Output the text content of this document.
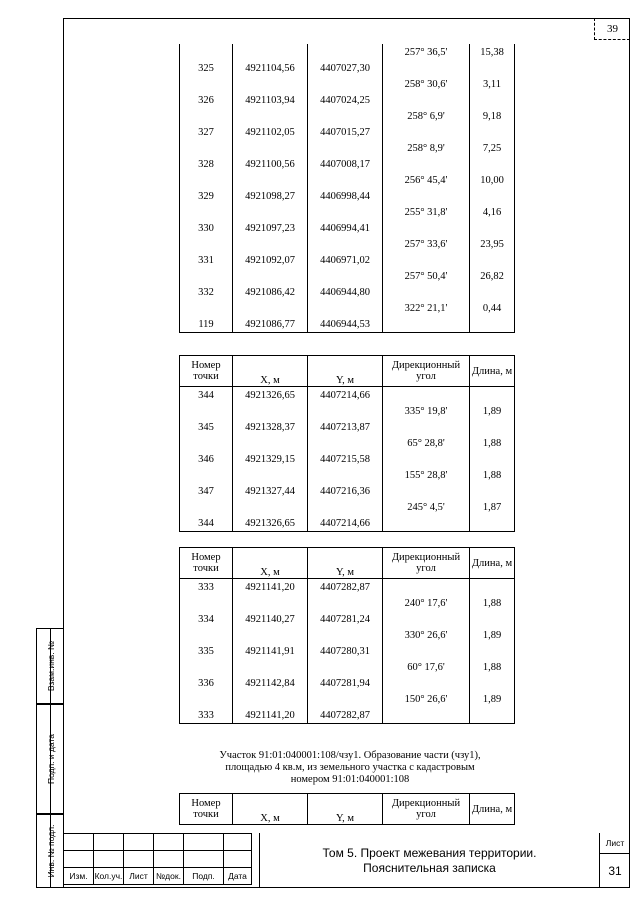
39
Взам.инв. №
Подп. и дата
Инв. № подл.
			257° 36,5'	15,38
325	4921104,56	4407027,30		
			258° 30,6'	3,11
326	4921103,94	4407024,25		
			258° 6,9'	9,18
327	4921102,05	4407015,27		
			258° 8,9'	7,25
328	4921100,56	4407008,17		
			256° 45,4'	10,00
329	4921098,27	4406998,44		
			255° 31,8'	4,16
330	4921097,23	4406994,41		
			257° 33,6'	23,95
331	4921092,07	4406971,02		
			257° 50,4'	26,82
332	4921086,42	4406944,80		
			322° 21,1'	0,44
119	4921086,77	4406944,53		
Номер точки	X, м	Y, м	Дирекционный угол	Длина, м
344	4921326,65	4407214,66		
			335° 19,8'	1,89
345	4921328,37	4407213,87		
			65° 28,8'	1,88
346	4921329,15	4407215,58		
			155° 28,8'	1,88
347	4921327,44	4407216,36		
			245° 4,5'	1,87
344	4921326,65	4407214,66		
Номер точки	X, м	Y, м	Дирекционный угол	Длина, м
333	4921141,20	4407282,87		
			240° 17,6'	1,88
334	4921140,27	4407281,24		
			330° 26,6'	1,89
335	4921141,91	4407280,31		
			60° 17,6'	1,88
336	4921142,84	4407281,94		
			150° 26,6'	1,89
333	4921141,20	4407282,87		
Участок 91:01:040001:108/чзу1. Образование части (чзу1),
площадью 4 кв.м, из земельного участка с кадастровым
номером 91:01:040001:108
Номер точки	X, м	Y, м	Дирекционный угол	Длина, м

Изм.	Кол.уч.	Лист	№док.	Подп.	Дата
Том 5. Проект межевания территории.
Пояснительная записка
Лист
31
